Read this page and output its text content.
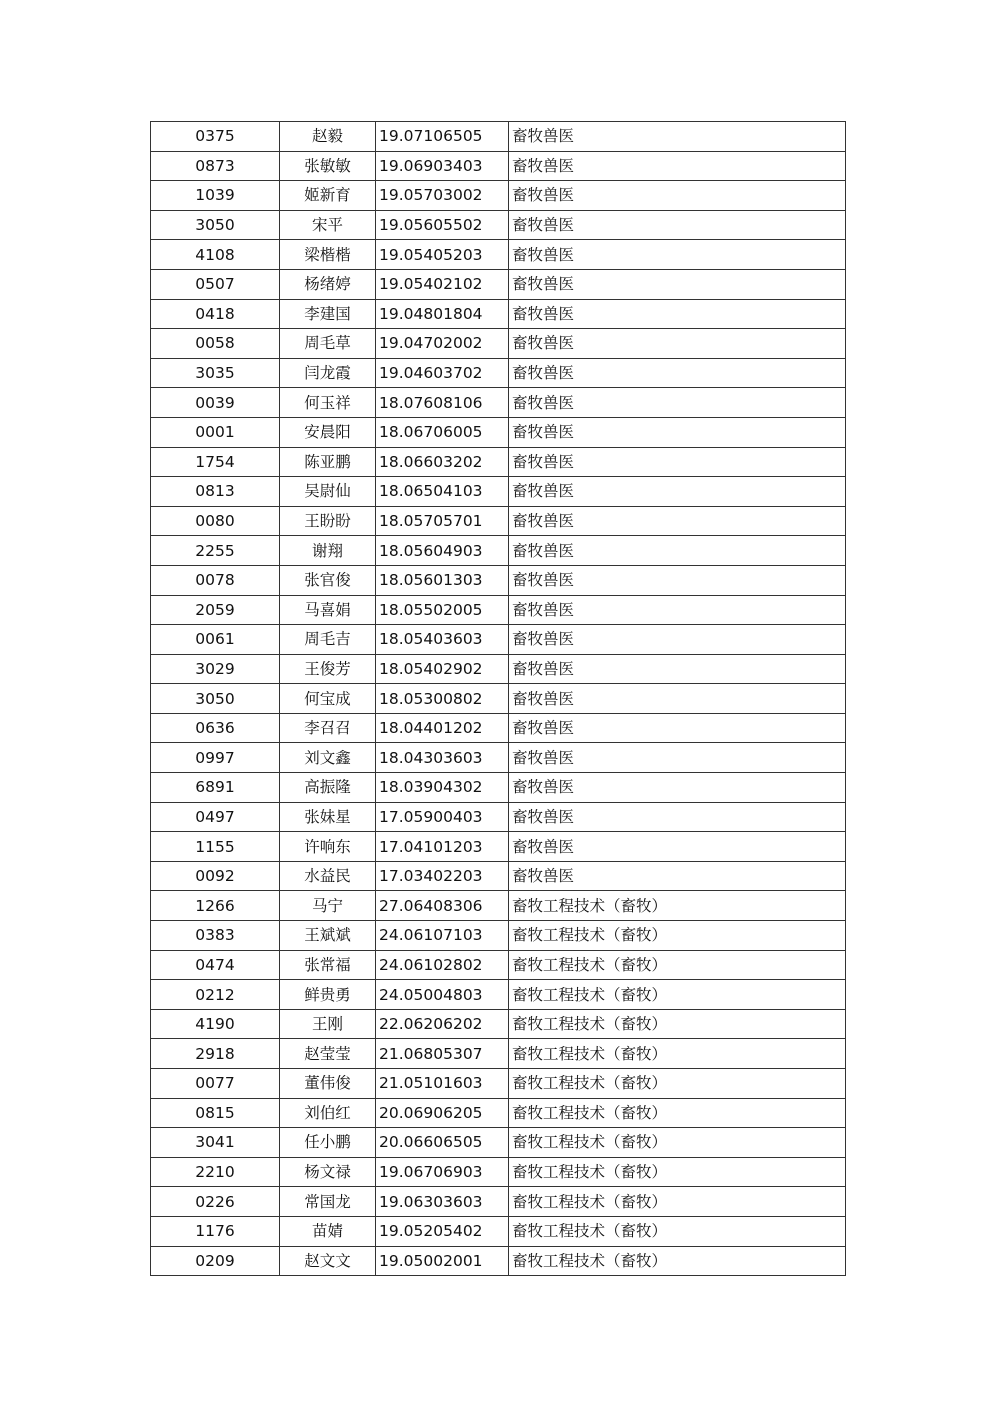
0375	赵毅	19.07106505	畜牧兽医
0873	张敏敏	19.06903403	畜牧兽医
1039	姬新育	19.05703002	畜牧兽医
3050	宋平	19.05605502	畜牧兽医
4108	梁楷楷	19.05405203	畜牧兽医
0507	杨绪婷	19.05402102	畜牧兽医
0418	李建国	19.04801804	畜牧兽医
0058	周毛草	19.04702002	畜牧兽医
3035	闫龙霞	19.04603702	畜牧兽医
0039	何玉祥	18.07608106	畜牧兽医
0001	安晨阳	18.06706005	畜牧兽医
1754	陈亚鹏	18.06603202	畜牧兽医
0813	吴尉仙	18.06504103	畜牧兽医
0080	王盼盼	18.05705701	畜牧兽医
2255	谢翔	18.05604903	畜牧兽医
0078	张官俊	18.05601303	畜牧兽医
2059	马喜娟	18.05502005	畜牧兽医
0061	周毛吉	18.05403603	畜牧兽医
3029	王俊芳	18.05402902	畜牧兽医
3050	何宝成	18.05300802	畜牧兽医
0636	李召召	18.04401202	畜牧兽医
0997	刘文鑫	18.04303603	畜牧兽医
6891	高振隆	18.03904302	畜牧兽医
0497	张妹星	17.05900403	畜牧兽医
1155	许响东	17.04101203	畜牧兽医
0092	水益民	17.03402203	畜牧兽医
1266	马宁	27.06408306	畜牧工程技术（畜牧）
0383	王斌斌	24.06107103	畜牧工程技术（畜牧）
0474	张常福	24.06102802	畜牧工程技术（畜牧）
0212	鲜贵勇	24.05004803	畜牧工程技术（畜牧）
4190	王刚	22.06206202	畜牧工程技术（畜牧）
2918	赵莹莹	21.06805307	畜牧工程技术（畜牧）
0077	董伟俊	21.05101603	畜牧工程技术（畜牧）
0815	刘伯红	20.06906205	畜牧工程技术（畜牧）
3041	任小鹏	20.06606505	畜牧工程技术（畜牧）
2210	杨文禄	19.06706903	畜牧工程技术（畜牧）
0226	常国龙	19.06303603	畜牧工程技术（畜牧）
1176	苗婧	19.05205402	畜牧工程技术（畜牧）
0209	赵文文	19.05002001	畜牧工程技术（畜牧）
